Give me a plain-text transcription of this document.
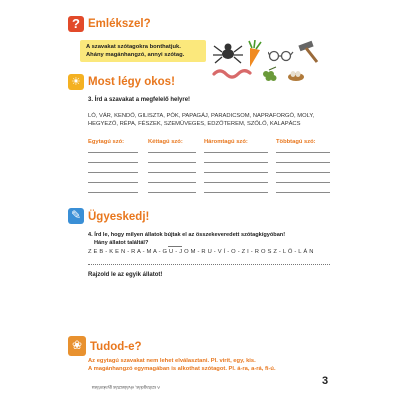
?
Emlékszel?
A szavakat szótagokra bonthatjuk.
Ahány magánhangzó, annyi szótag.
☀
Most légy okos!
3. Írd a szavakat a megfelelő helyre!
LÓ, VÁR, KENDŐ, GILISZTA, PÓK, PAPAGÁJ, PARADICSOM, NAPRAFORGÓ, MOLY,
HEGYEZŐ, RÉPA, FÉSZEK, SZEMÜVEGES, EDZŐTEREM, SZŐLŐ, KALAPÁCS
Egytagú szó:	Kéttagú szó:	Háromtagú szó:	Többtagú szó:
✎
Ügyeskedj!
4. Írd le, hogy milyen állatok bújtak el az összekeveredett szótagkígyóban!
Hány állatot találtál?
Z E B - K E N - R A - M A - G U - J O M - R U - V Í - O - Z I - R O S Z - L Ő - L Á N
Rajzold le az egyik állatot!
❀
Tudod-e?
Az egytagú szavakat nem lehet elválasztani. Pl. virít, egy, kis.
A magánhangzó egymagában is alkothat szótagot. Pl. á-ra, a-rá, fi-ú.
3
A szótagolás, elválasztás gyakorlása
